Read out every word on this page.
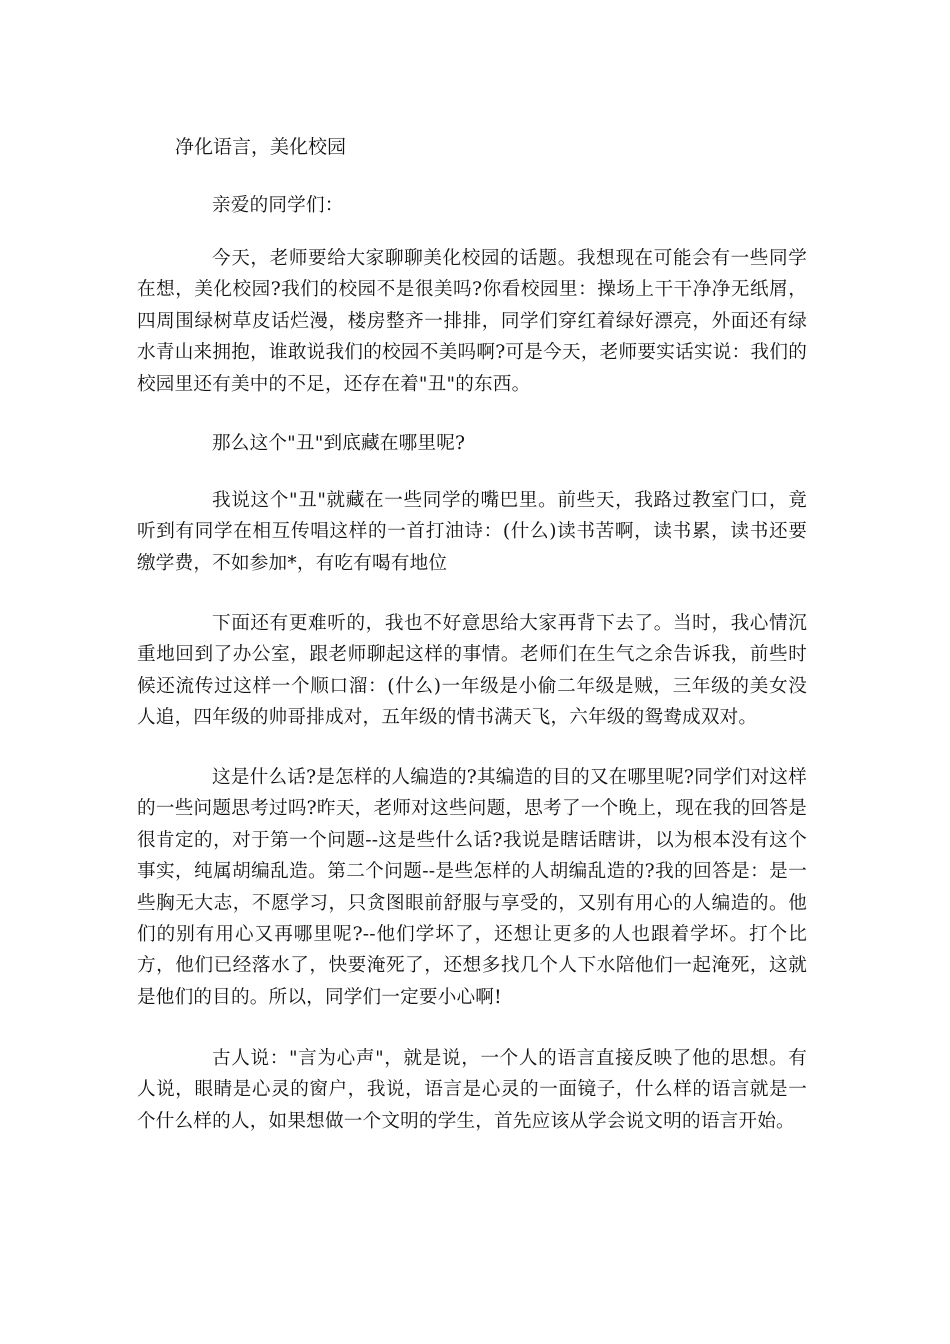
净化语言，美化校园
亲爱的同学们：
今天，老师要给大家聊聊美化校园的话题。我想现在可能会有一些同学在想，美化校园?我们的校园不是很美吗?你看校园里：操场上干干净净无纸屑，四周围绿树草皮话烂漫，楼房整齐一排排，同学们穿红着绿好漂亮，外面还有绿水青山来拥抱，谁敢说我们的校园不美吗啊?可是今天，老师要实话实说：我们的校园里还有美中的不足，还存在着"丑"的东西。
那么这个"丑"到底藏在哪里呢?
我说这个"丑"就藏在一些同学的嘴巴里。前些天，我路过教室门口，竟听到有同学在相互传唱这样的一首打油诗：(什么)读书苦啊，读书累，读书还要缴学费，不如参加*，有吃有喝有地位
下面还有更难听的，我也不好意思给大家再背下去了。当时，我心情沉重地回到了办公室，跟老师聊起这样的事情。老师们在生气之余告诉我，前些时候还流传过这样一个顺口溜：(什么)一年级是小偷二年级是贼，三年级的美女没人追，四年级的帅哥排成对，五年级的情书满天飞，六年级的鸳鸯成双对。
这是什么话?是怎样的人编造的?其编造的目的又在哪里呢?同学们对这样的一些问题思考过吗?昨天，老师对这些问题，思考了一个晚上，现在我的回答是很肯定的，对于第一个问题--这是些什么话?我说是瞎话瞎讲，以为根本没有这个事实，纯属胡编乱造。第二个问题--是些怎样的人胡编乱造的?我的回答是：是一些胸无大志，不愿学习，只贪图眼前舒服与享受的，又别有用心的人编造的。他们的别有用心又再哪里呢?--他们学坏了，还想让更多的人也跟着学坏。打个比方，他们已经落水了，快要淹死了，还想多找几个人下水陪他们一起淹死，这就是他们的目的。所以，同学们一定要小心啊!
古人说："言为心声"，就是说，一个人的语言直接反映了他的思想。有人说，眼睛是心灵的窗户，我说，语言是心灵的一面镜子，什么样的语言就是一个什么样的人，如果想做一个文明的学生，首先应该从学会说文明的语言开始。
